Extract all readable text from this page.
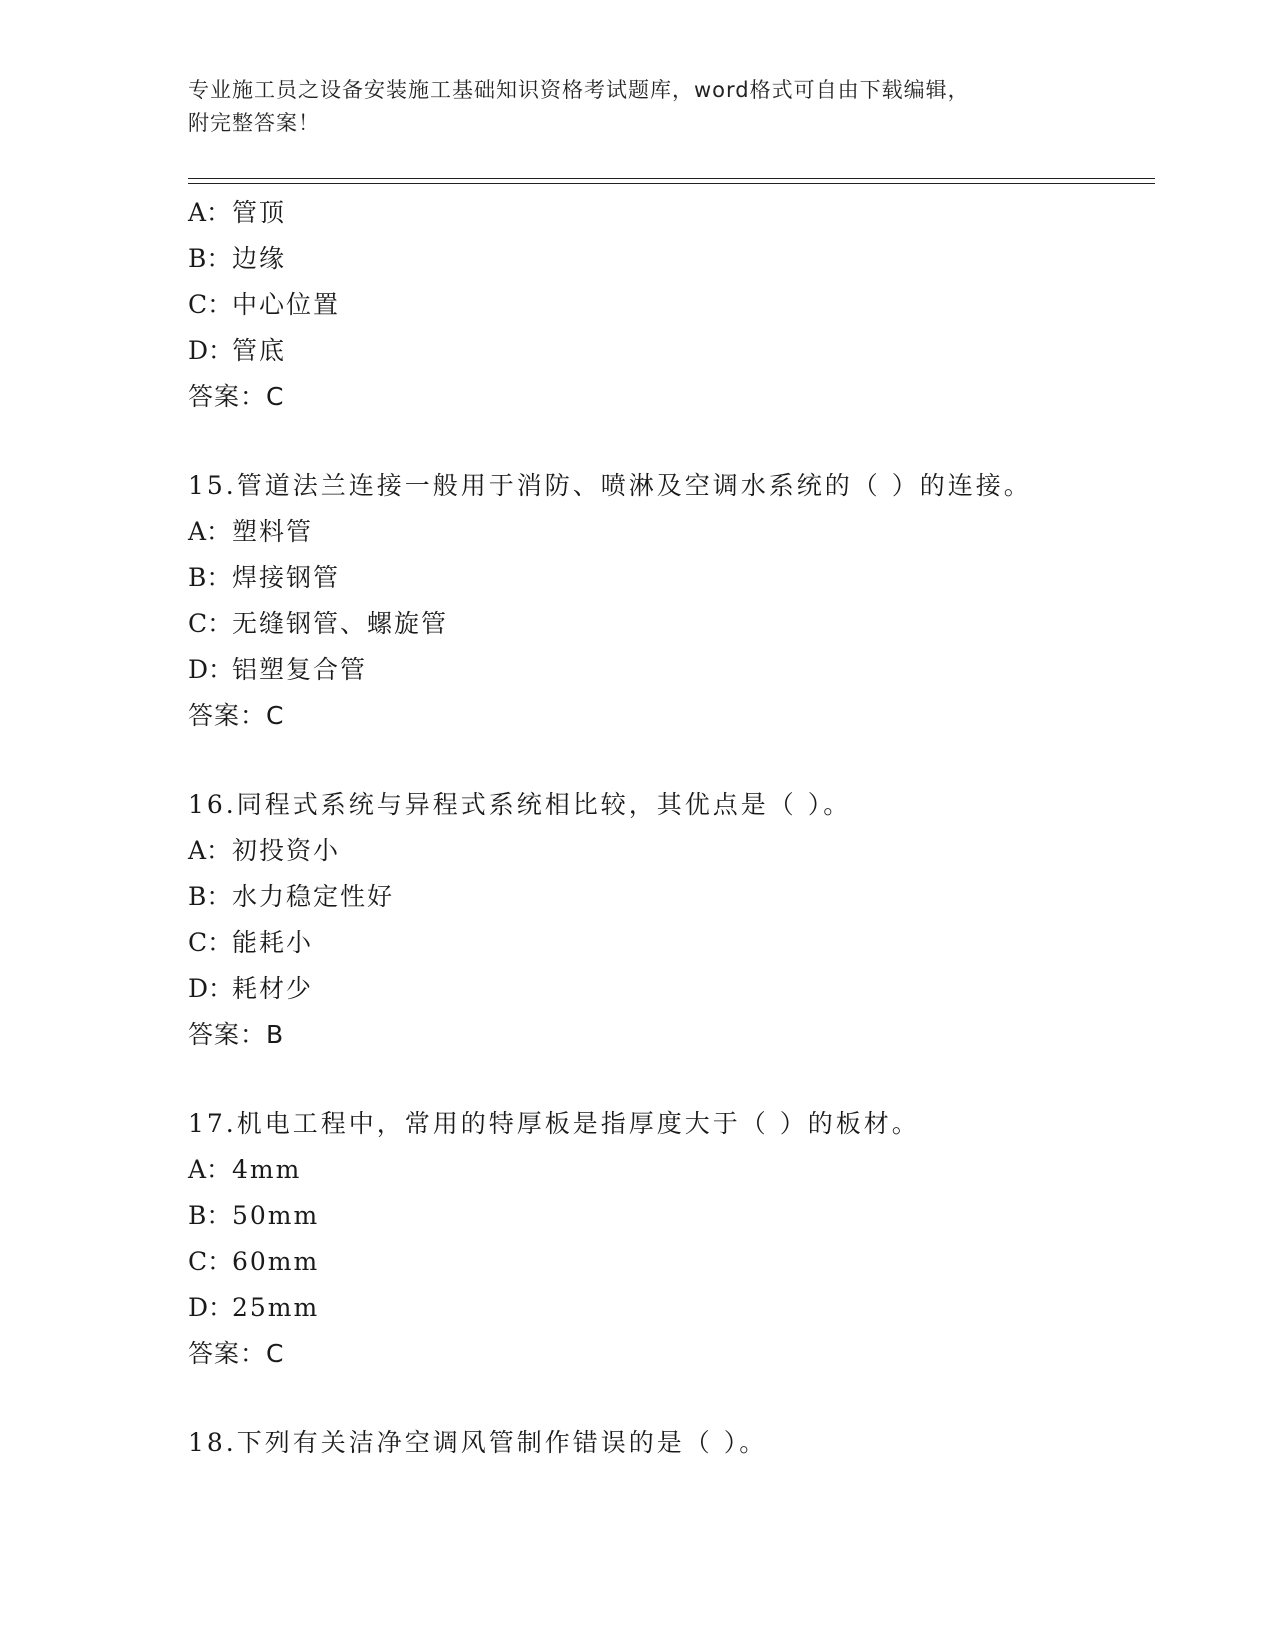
专业施工员之设备安装施工基础知识资格考试题库，word格式可自由下载编辑，
附完整答案！
A：管顶
B：边缘
C：中心位置
D：管底
答案：C
15.管道法兰连接一般用于消防、喷淋及空调水系统的（ ）的连接。
A：塑料管
B：焊接钢管
C：无缝钢管、螺旋管
D：铝塑复合管
答案：C
16.同程式系统与异程式系统相比较，其优点是（ ）。
A：初投资小
B：水力稳定性好
C：能耗小
D：耗材少
答案：B
17.机电工程中，常用的特厚板是指厚度大于（ ）的板材。
A：4mm
B：50mm
C：60mm
D：25mm
答案：C
18.下列有关洁净空调风管制作错误的是（ ）。
